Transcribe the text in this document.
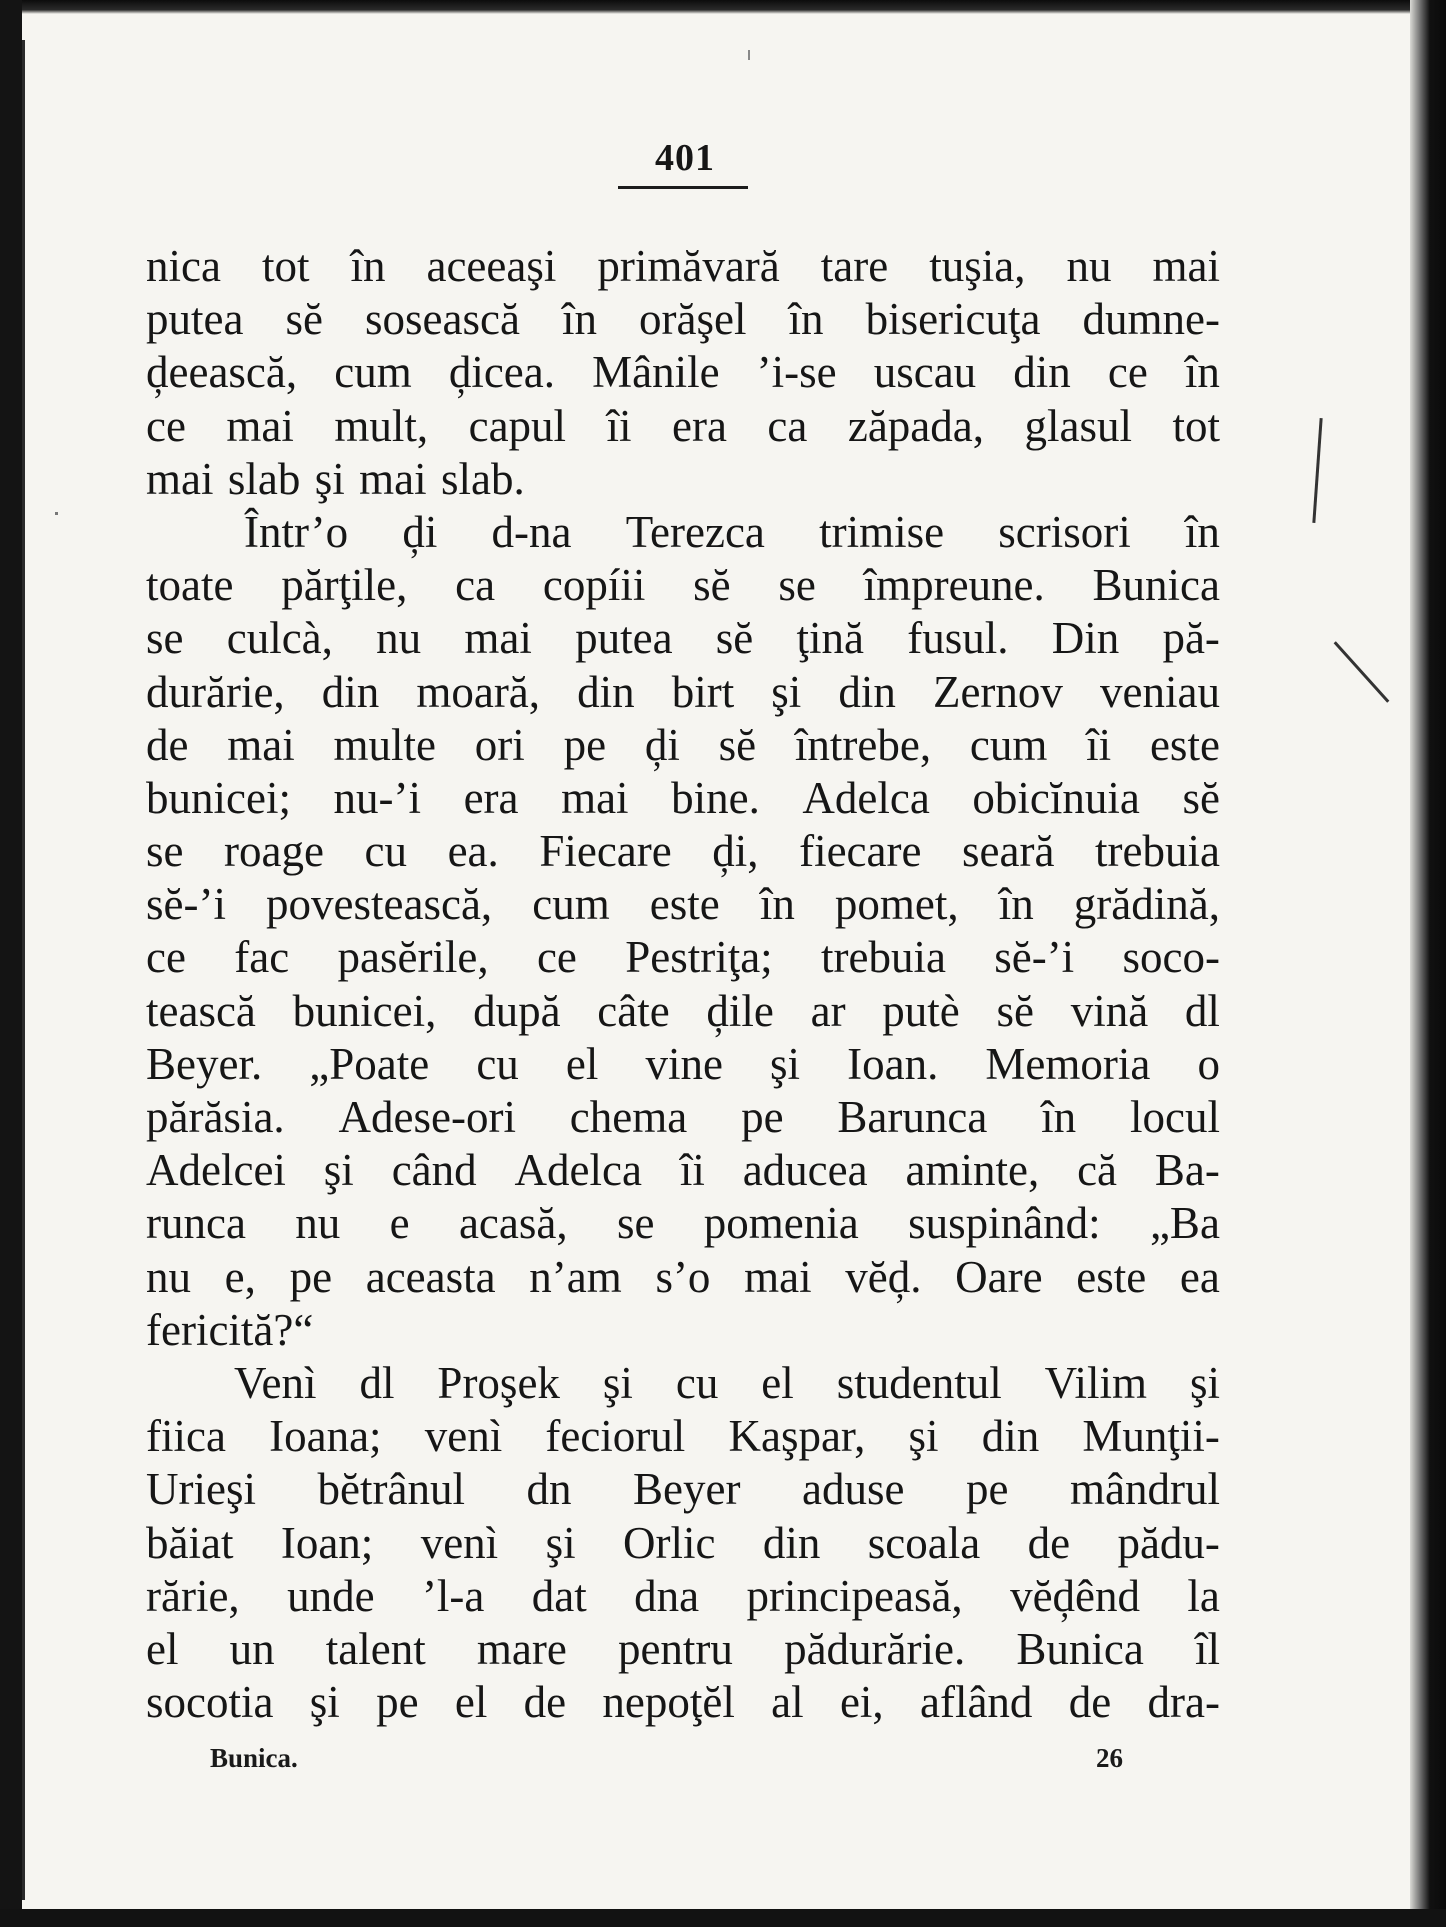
401
nica tot în aceeaşi primăvară tare tuşia, nu mai
putea sĕ sosească în orăşel în bisericuţa dumne-
ḑeească, cum ḑicea. Mânile ’i-se uscau din ce în
ce mai mult, capul îi era ca zăpada, glasul tot
mai slab şi mai slab.
Într’o ḑi d-na Terezca trimise scrisori în
toate părţile, ca copíii sĕ se împreune. Bunica
se culcà, nu mai putea sĕ ţină fusul. Din pă-
durărie, din moară, din birt şi din Zernov veniau
de mai multe ori pe ḑi sĕ întrebe, cum îi este
bunicei; nu-’i era mai bine. Adelca obicĭnuia sĕ
se roage cu ea. Fiecare ḑi, fiecare seară trebuia
sĕ-’i povestească, cum este în pomet, în grădină,
ce fac pasĕrile, ce Pestriţa; trebuia sĕ-’i soco-
tească bunicei, după câte ḑile ar putè sĕ vină dl
Beyer. „Poate cu el vine şi Ioan. Memoria o
părăsia. Adese-ori chema pe Barunca în locul
Adelcei şi când Adelca îi aducea aminte, că Ba-
runca nu e acasă, se pomenia suspinând: „Ba
nu e, pe aceasta n’am s’o mai vĕḑ. Oare este ea
fericită?“
Venì dl Proşek şi cu el studentul Vilim şi
fiica Ioana; venì feciorul Kaşpar, şi din Munţii-
Urieşi bĕtrânul dn Beyer aduse pe mândrul
băiat Ioan; venì şi Orlic din scoala de pădu-
rărie, unde ’l-a dat dna principeasă, vĕḑênd la
el un talent mare pentru pădurărie. Bunica îl
socotia şi pe el de nepoţĕl al ei, aflând de dra-
Bunica.	26
